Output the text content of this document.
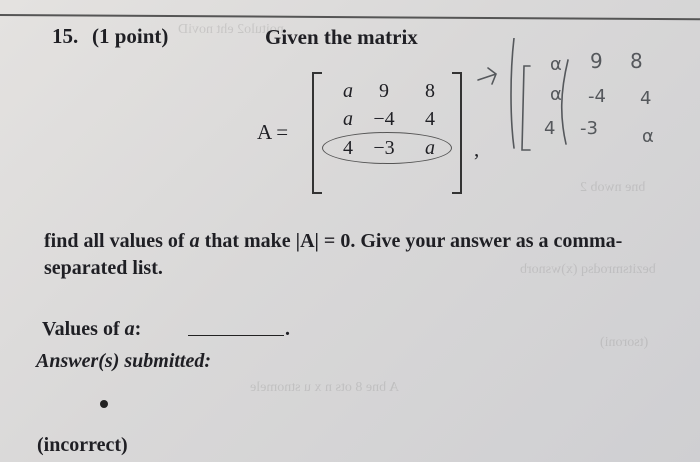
noitulo2 eht noviD
bne nwob 2
bezitsmrodsq (x)wsnorb
(tsoroni)
A bne 8 ots n x u stnomele
15. (1 point)	Given the matrix
A =
a	9	8
a	−4	4
4	−3	a	,
α 9 8
α -4 4
4 -3 α
find all values of a that make |A| = 0. Give your answer as a comma-separated list.
Values of a:	.
Answer(s) submitted:
(incorrect)
